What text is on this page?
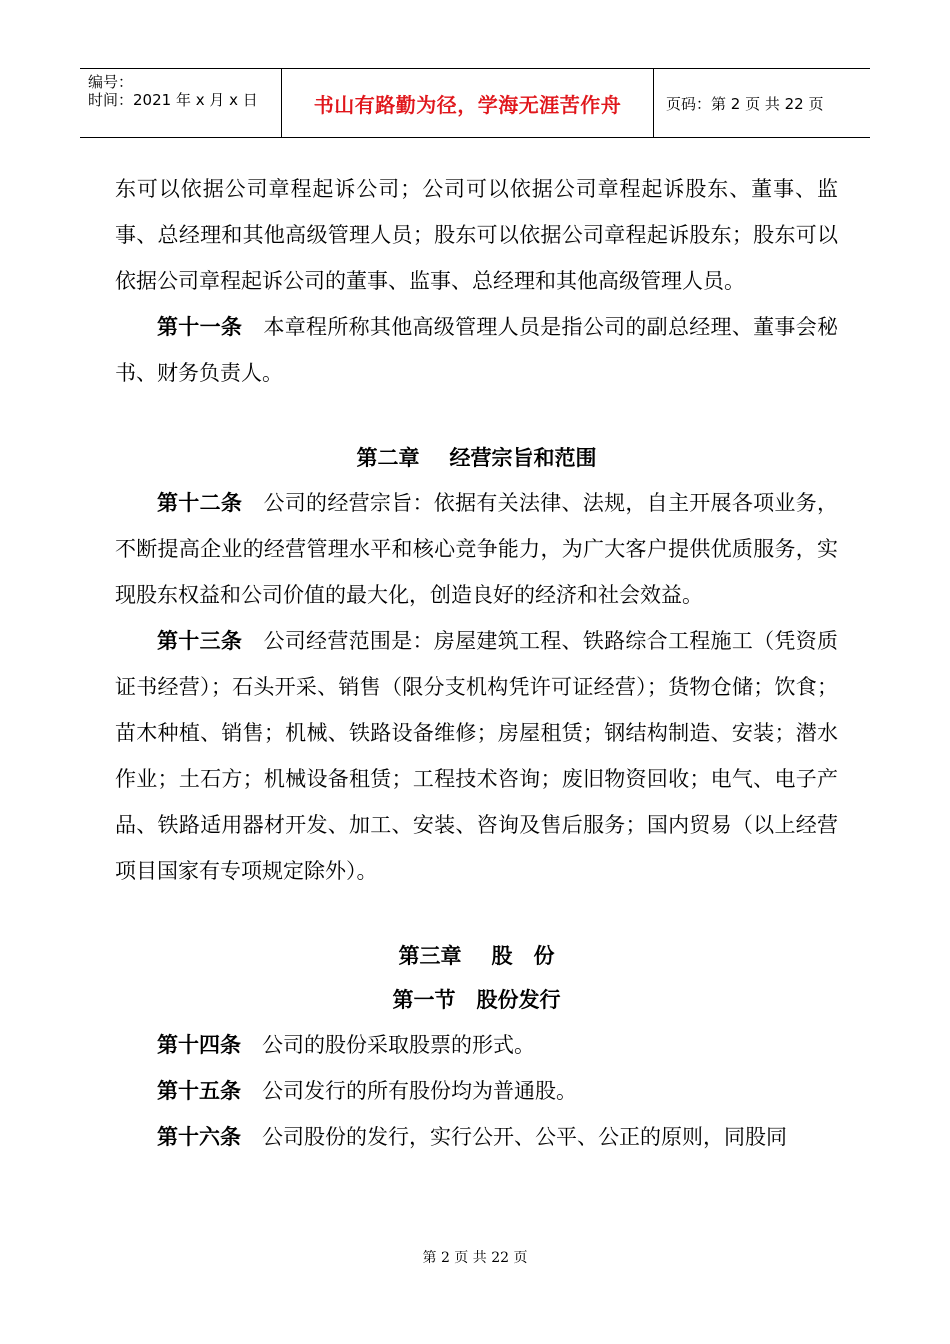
编号：
时间：2021 年 x 月 x 日	书山有路勤为径，学海无涯苦作舟	页码：第 2 页 共 22 页

东可以依据公司章程起诉公司；公司可以依据公司章程起诉股东、董事、监事、总经理和其他高级管理人员；股东可以依据公司章程起诉股东；股东可以依据公司章程起诉公司的董事、监事、总经理和其他高级管理人员。

第十一条 本章程所称其他高级管理人员是指公司的副总经理、董事会秘书、财务负责人。

第二章 经营宗旨和范围

第十二条 公司的经营宗旨：依据有关法律、法规，自主开展各项业务，不断提高企业的经营管理水平和核心竞争能力，为广大客户提供优质服务，实现股东权益和公司价值的最大化，创造良好的经济和社会效益。

第十三条 公司经营范围是：房屋建筑工程、铁路综合工程施工（凭资质证书经营）；石头开采、销售（限分支机构凭许可证经营）；货物仓储；饮食；苗木种植、销售；机械、铁路设备维修；房屋租赁；钢结构制造、安装；潜水作业；土石方；机械设备租赁；工程技术咨询；废旧物资回收；电气、电子产品、铁路适用器材开发、加工、安装、咨询及售后服务；国内贸易（以上经营项目国家有专项规定除外）。

第三章 股　份

第一节　股份发行

第十四条 公司的股份采取股票的形式。

第十五条 公司发行的所有股份均为普通股。

第十六条 公司股份的发行，实行公开、公平、公正的原则，同股同

第 2 页 共 22 页
